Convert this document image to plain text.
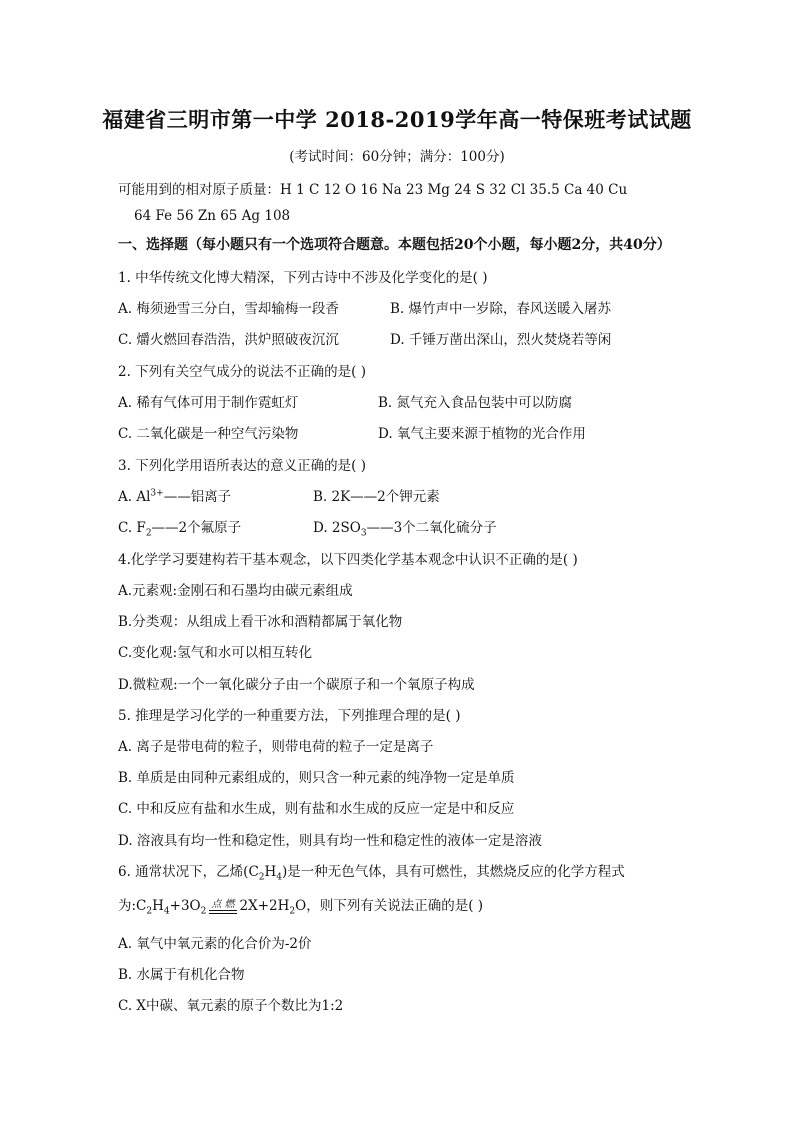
福建省三明市第一中学 2018-2019学年高一特保班考试试题
(考试时间：60分钟；满分：100分)
可能用到的相对原子质量：H 1 C 12 O 16 Na 23 Mg 24 S 32 Cl 35.5 Ca 40 Cu
64 Fe 56 Zn 65 Ag 108
一、选择题（每小题只有一个选项符合题意。本题包括20个小题，每小题2分，共40分）
1. 中华传统文化博大精深，下列古诗中不涉及化学变化的是( )
A. 梅须逊雪三分白，雪却输梅一段香	B. 爆竹声中一岁除，春风送暖入屠苏
C. 爝火燃回春浩浩，洪炉照破夜沉沉	D. 千锤万凿出深山，烈火焚烧若等闲
2. 下列有关空气成分的说法不正确的是( )
A. 稀有气体可用于制作霓虹灯	B. 氮气充入食品包装中可以防腐
C. 二氧化碳是一种空气污染物	D. 氧气主要来源于植物的光合作用
3. 下列化学用语所表达的意义正确的是( )
A. $Al^{3+}——$铝离子	B. 2K——2个钾元素
C. $F_2——2$个氟原子	D. $2SO_3——3$个二氧化硫分子
4.化学学习要建构若干基本观念，以下四类化学基本观念中认识不正确的是( )
A.元素观:金刚石和石墨均由碳元素组成
B.分类观：从组成上看干冰和酒精都属于氧化物
C.变化观:氢气和水可以相互转化
D.微粒观:一个一氧化碳分子由一个碳原子和一个氧原子构成
5. 推理是学习化学的一种重要方法，下列推理合理的是( )
A. 离子是带电荷的粒子，则带电荷的粒子一定是离子
B. 单质是由同种元素组成的，则只含一种元素的纯净物一定是单质
C. 中和反应有盐和水生成，则有盐和水生成的反应一定是中和反应
D. 溶液具有均一性和稳定性，则具有均一性和稳定性的液体一定是溶液
6. 通常状况下，乙烯$(C_2H_4)$是一种无色气体，具有可燃性，其燃烧反应的化学方程式
为$:C_2H_4+3O_2$点 燃 $2X+2H_2O$，则下列有关说法正确的是( )
A. 氧气中氧元素的化合价为-2价
B. 水属于有机化合物
C. X中碳、氧元素的原子个数比为1:2
